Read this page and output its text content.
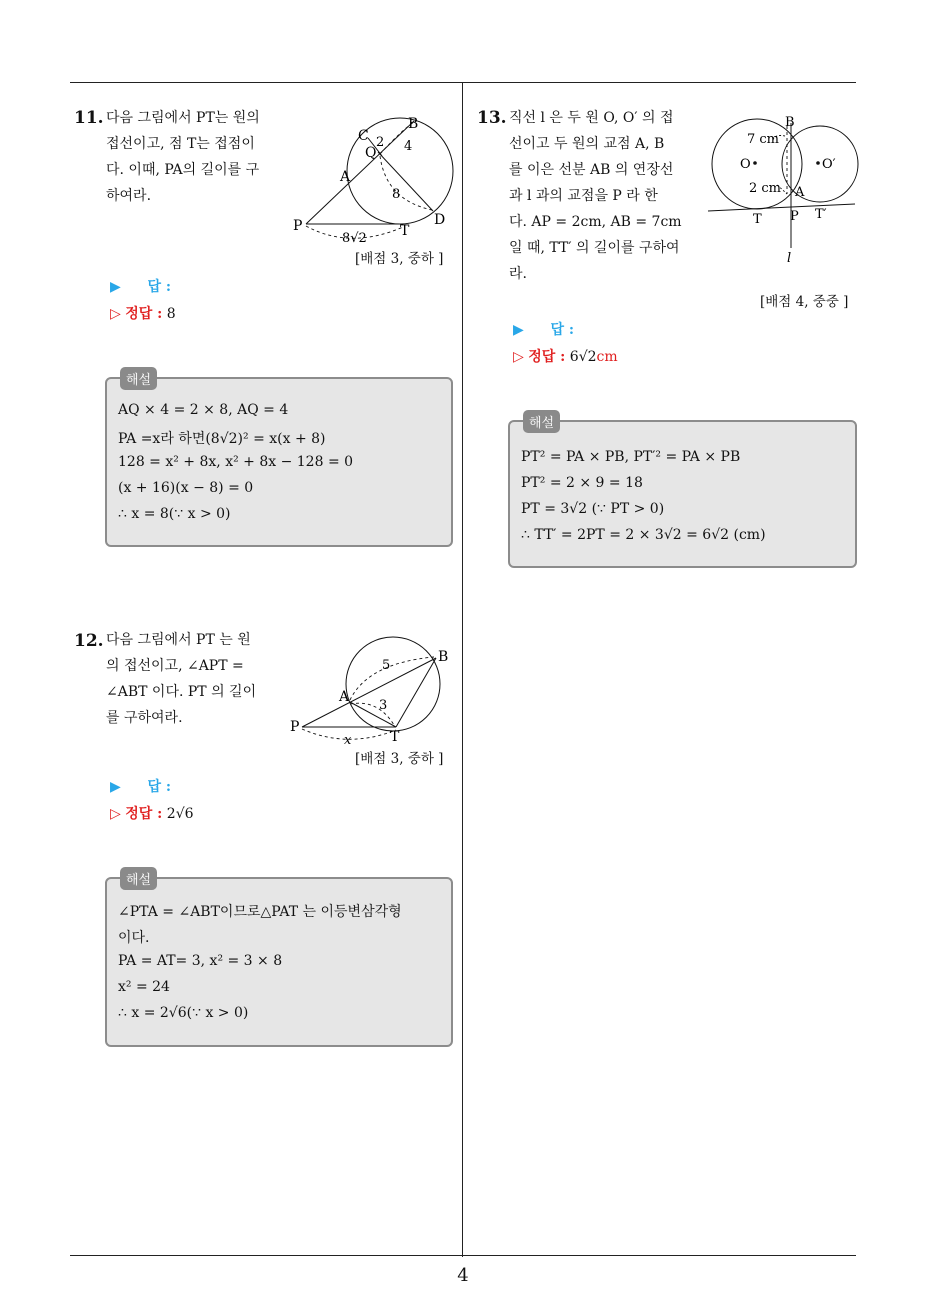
4
11. 다음 그림에서 PT는 원의
접선이고, 점 T는 접점이
다. 이때, PA의 길이를 구
하여라.
B
C
Q
A
P	T
D
2 4
8
8√2
[배점 3, 중하 ]
▶ 답 :
▷ 정답 : 8
해설
AQ × 4 = 2 × 8, AQ = 4
PA =x라 하면(8√2)² = x(x + 8)
128 = x² + 8x, x² + 8x − 128 = 0
(x + 16)(x − 8) = 0
∴ x = 8(∵ x > 0)
12. 다음 그림에서 PT 는 원
의 접선이고, ∠APT =
∠ABT 이다. PT 의 길이
를 구하여라.
B
A
P
T
5
3
x
[배점 3, 중하 ]
▶ 답 :
▷ 정답 : 2√6
해설
∠PTA = ∠ABT이므로△PAT 는 이등변삼각형
이다.
PA = AT= 3, x² = 3 × 8
x² = 24
∴ x = 2√6(∵ x > 0)
13. 직선 l 은 두 원 O, O′ 의 접
선이고 두 원의 교점 A, B
를 이은 선분 AB 의 연장선
과 l 과의 교점을 P 라 한
다. AP = 2cm, AB = 7cm
일 때, TT′ 의 길이를 구하여
라.
B
A
O	O′
7 cm
2 cm
T P T′
l
[배점 4, 중중 ]
▶ 답 :
▷ 정답 : 6√2cm
해설
PT² = PA × PB, PT′² = PA × PB
PT² = 2 × 9 = 18
PT = 3√2 (∵ PT > 0)
∴ TT′ = 2PT = 2 × 3√2 = 6√2 (cm)
